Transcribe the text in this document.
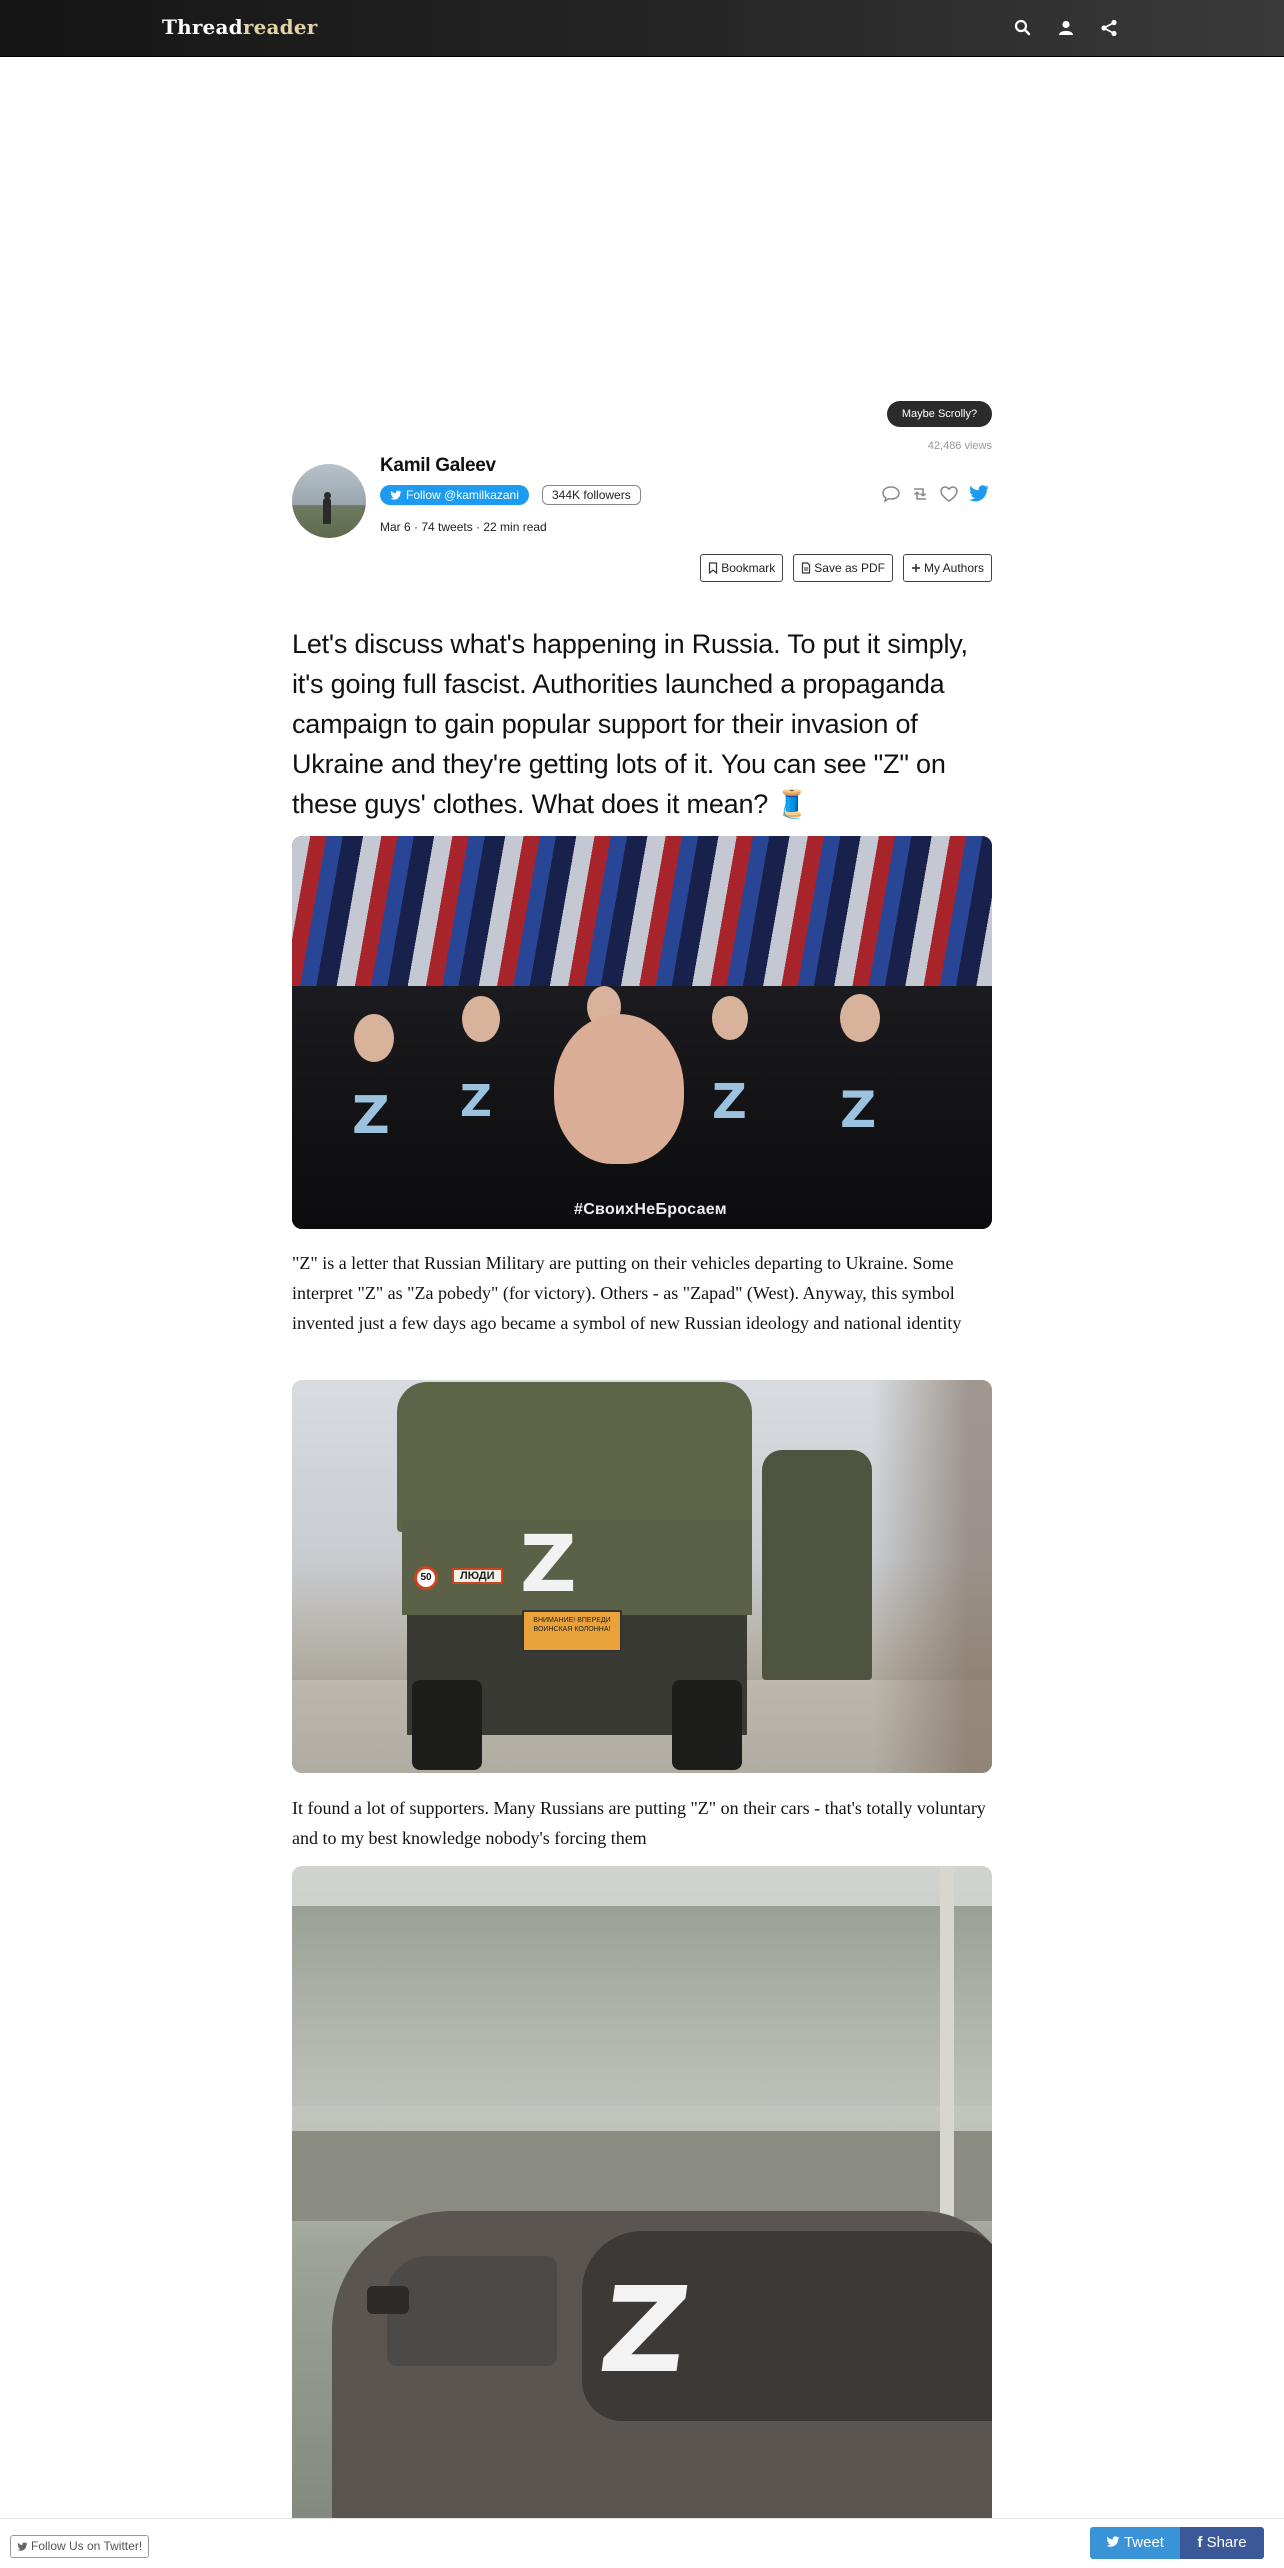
Threadreader
Maybe Scrolly?
42,486 views
Kamil Galeev
Follow @kamilkazani	344K followers
Mar 6 · 74 tweets · 22 min read
Bookmark	Save as PDF	My Authors

Let's discuss what's happening in Russia. To put it simply, it's going full fascist. Authorities launched a propaganda campaign to gain popular support for their invasion of Ukraine and they're getting lots of it. You can see "Z" on these guys' clothes. What does it mean? 🧵

Z Z	Z Z
#СвоихНеБросаем

"Z" is a letter that Russian Military are putting on their vehicles departing to Ukraine. Some interpret "Z" as "Za pobedy" (for victory). Others - as "Zapad" (West). Anyway, this symbol invented just a few days ago became a symbol of new Russian ideology and national identity

Z
ЛЮДИ
50
ВНИМАНИЕ! ВПЕРЕДИ ВОИНСКАЯ КОЛОННА!

It found a lot of supporters. Many Russians are putting "Z" on their cars - that's totally voluntary and to my best knowledge nobody's forcing them

Z
Follow Us on Twitter!	Tweet	f Share
